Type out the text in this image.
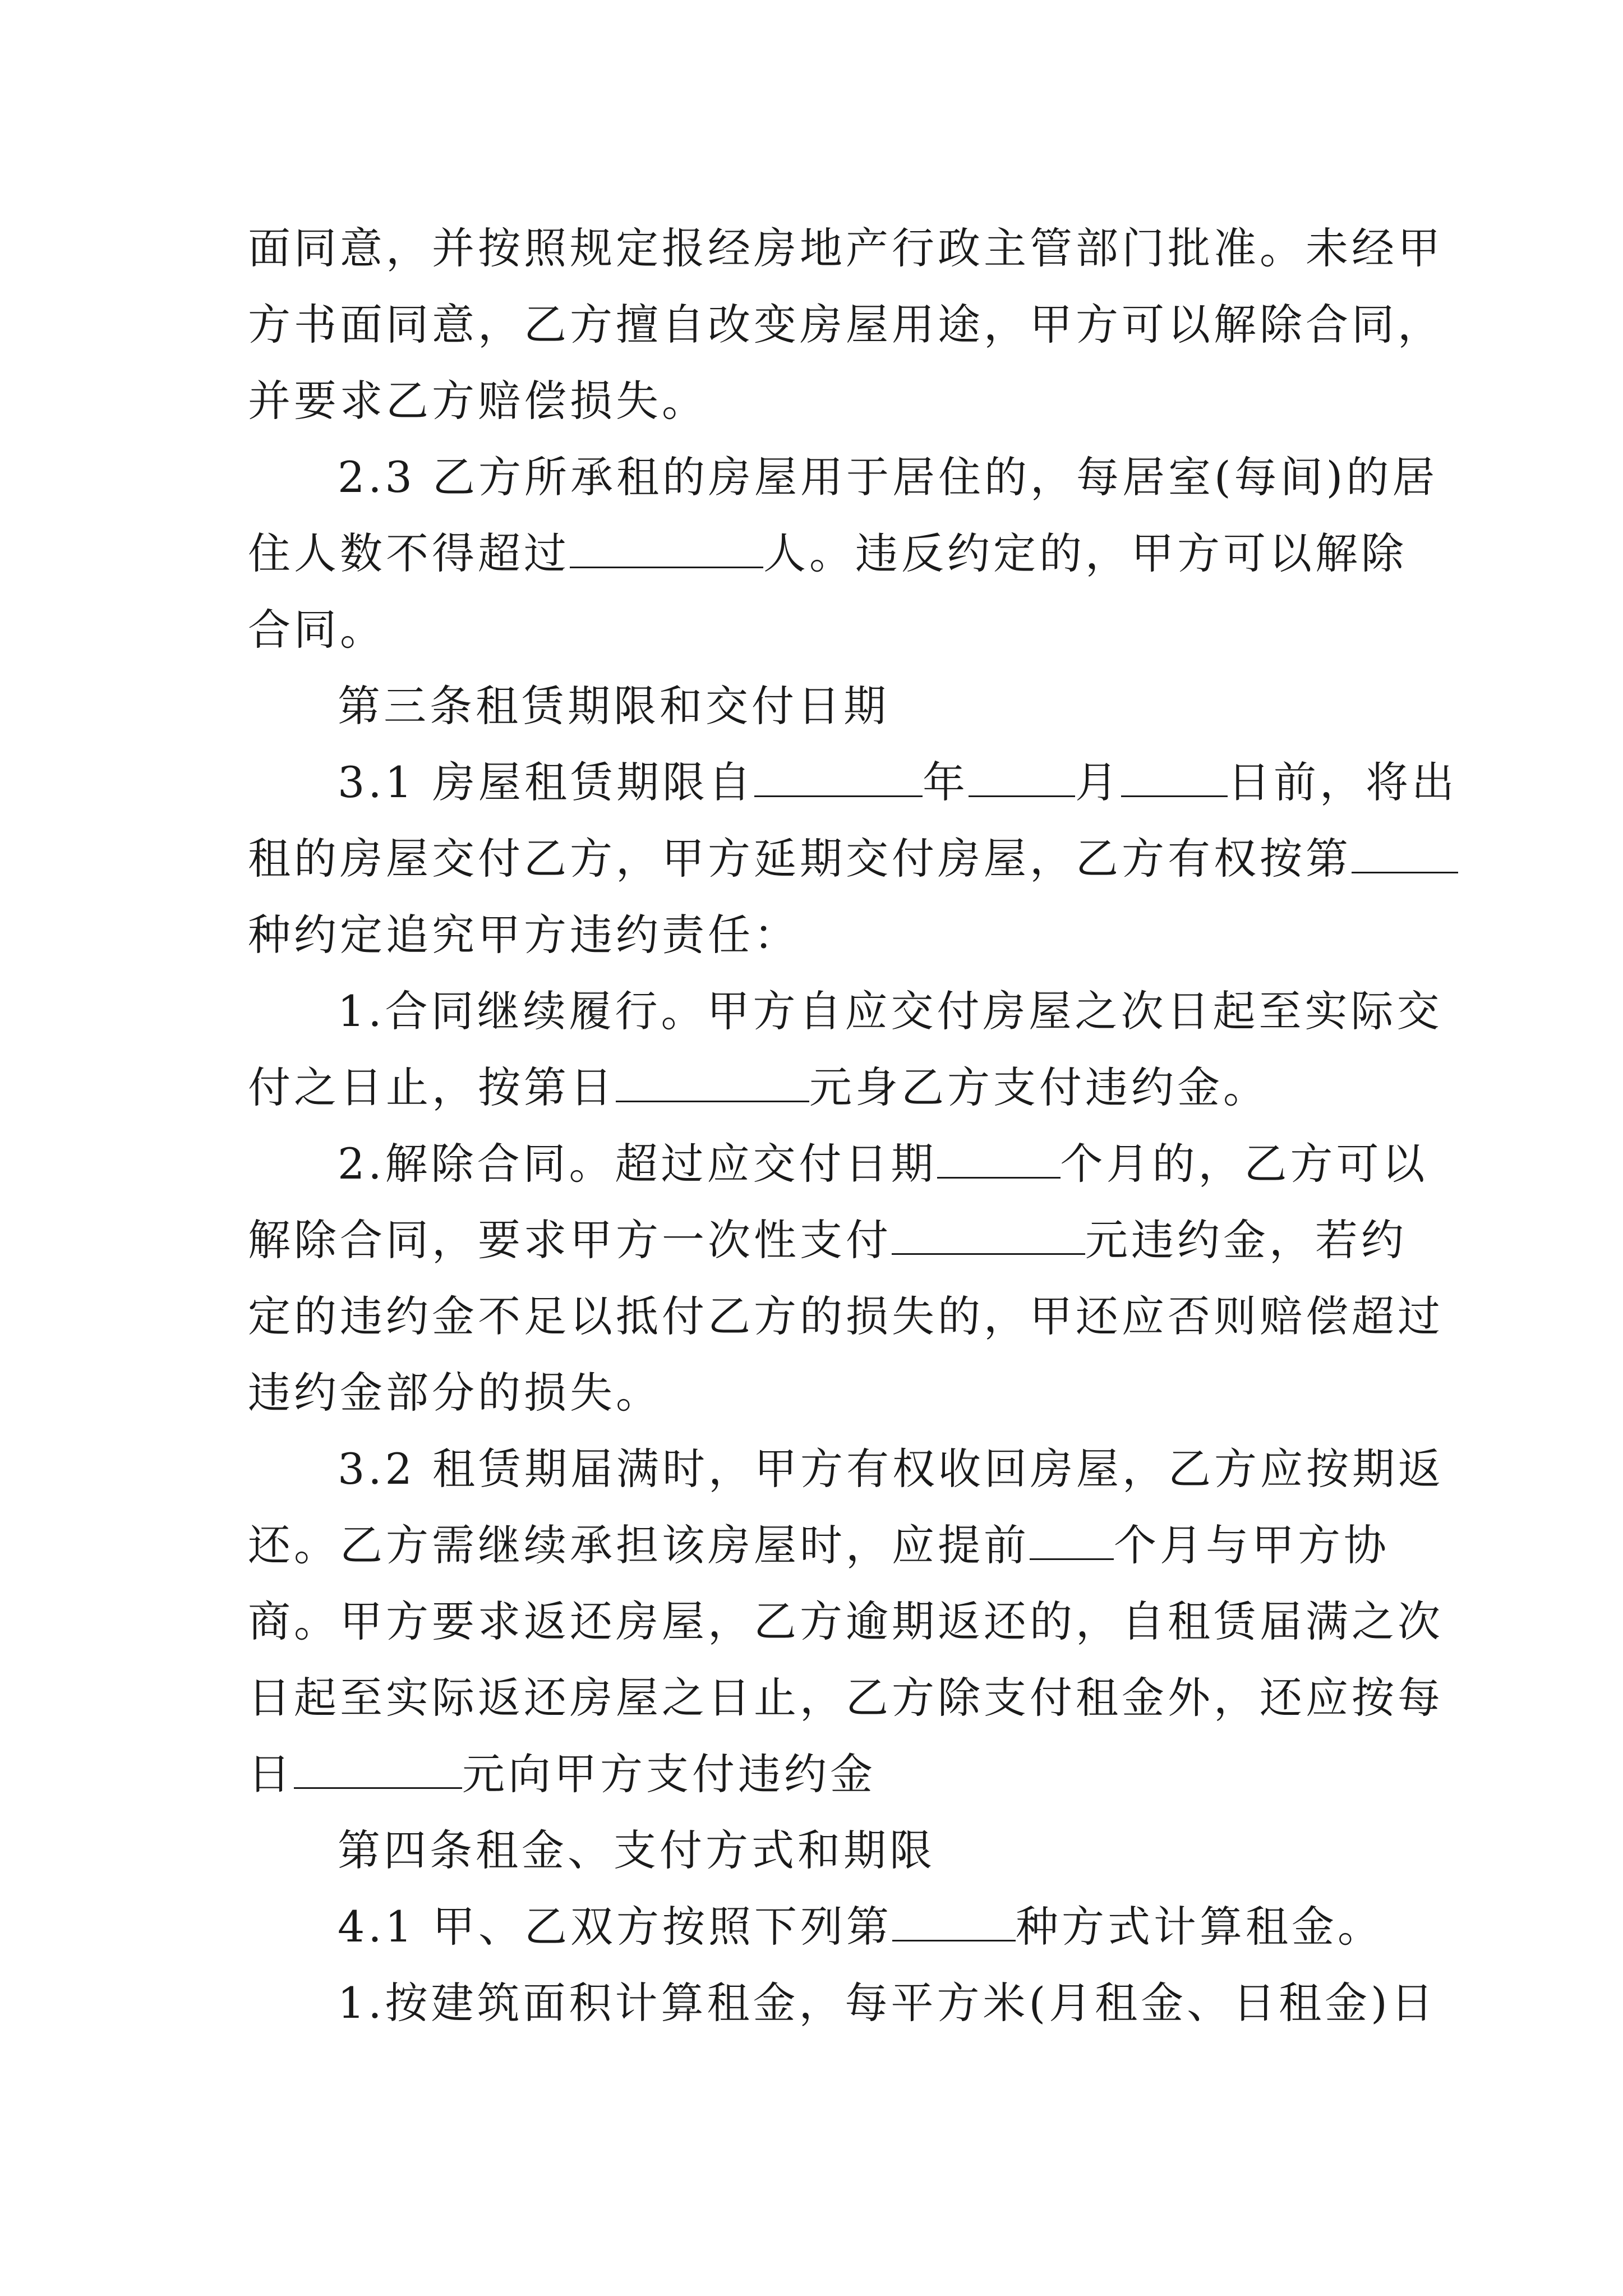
面同意，并按照规定报经房地产行政主管部门批准。未经甲
方书面同意，乙方擅自改变房屋用途，甲方可以解除合同，
并要求乙方赔偿损失。
2.3 乙方所承租的房屋用于居住的，每居室(每间)的居
住人数不得超过	人。违反约定的，甲方可以解除
合同。
第三条租赁期限和交付日期
3.1 房屋租赁期限自	年	月	日前，将出
租的房屋交付乙方，甲方延期交付房屋，乙方有权按第
种约定追究甲方违约责任：
1.合同继续履行。甲方自应交付房屋之次日起至实际交
付之日止，按第日	元身乙方支付违约金。
2.解除合同。超过应交付日期	个月的，乙方可以
解除合同，要求甲方一次性支付	元违约金，若约
定的违约金不足以抵付乙方的损失的，甲还应否则赔偿超过
违约金部分的损失。
3.2 租赁期届满时，甲方有权收回房屋，乙方应按期返
还。乙方需继续承担该房屋时，应提前 个月与甲方协
商。甲方要求返还房屋，乙方逾期返还的，自租赁届满之次
日起至实际返还房屋之日止，乙方除支付租金外，还应按每
日	元向甲方支付违约金
第四条租金、支付方式和期限
4.1 甲、乙双方按照下列第	种方式计算租金。
1.按建筑面积计算租金，每平方米(月租金、日租金)日
